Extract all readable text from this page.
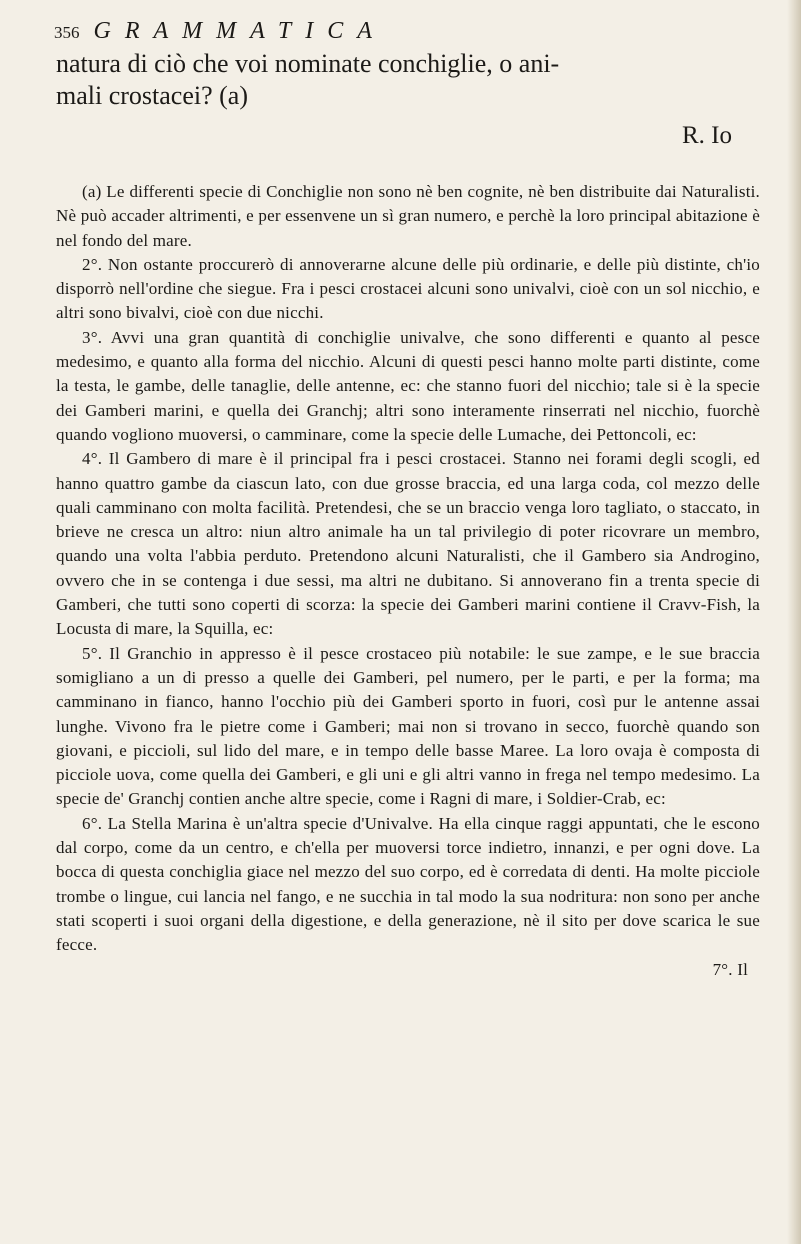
356 GRAMMATICA

natura di ciò che voi nominate conchiglie, o ani-

mali crostacei? (a)

R. Io

(a) Le differenti specie di Conchiglie non sono nè ben cognite, nè ben distribuite dai Naturalisti. Nè può accader altrimenti, e per essenvene un sì gran numero, e perchè la loro principal abitazione è nel fondo del mare.

2°. Non ostante proccurerò di annoverarne alcune delle più ordinarie, e delle più distinte, ch'io disporrò nell'ordine che siegue. Fra i pesci crostacei alcuni sono univalvi, cioè con un sol nicchio, e altri sono bivalvi, cioè con due nicchi.

3°. Avvi una gran quantità di conchiglie univalve, che sono differenti e quanto al pesce medesimo, e quanto alla forma del nicchio. Alcuni di questi pesci hanno molte parti distinte, come la testa, le gambe, delle tanaglie, delle antenne, ec: che stanno fuori del nicchio; tale si è la specie dei Gamberi marini, e quella dei Granchj; altri sono interamente rinserrati nel nicchio, fuorchè quando vogliono muoversi, o camminare, come la specie delle Lumache, dei Pettoncoli, ec:

4°. Il Gambero di mare è il principal fra i pesci crostacei. Stanno nei forami degli scogli, ed hanno quattro gambe da ciascun lato, con due grosse braccia, ed una larga coda, col mezzo delle quali camminano con molta facilità. Pretendesi, che se un braccio venga loro tagliato, o staccato, in brieve ne cresca un altro: niun altro animale ha un tal privilegio di poter ricovrare un membro, quando una volta l'abbia perduto. Pretendono alcuni Naturalisti, che il Gambero sia Androgino, ovvero che in se contenga i due sessi, ma altri ne dubitano. Si annoverano fin a trenta specie di Gamberi, che tutti sono coperti di scorza: la specie dei Gamberi marini contiene il Cravv-Fish, la Locusta di mare, la Squilla, ec:

5°. Il Granchio in appresso è il pesce crostaceo più notabile: le sue zampe, e le sue braccia somigliano a un di presso a quelle dei Gamberi, pel numero, per le parti, e per la forma; ma camminano in fianco, hanno l'occhio più dei Gamberi sporto in fuori, così pur le antenne assai lunghe. Vivono fra le pietre come i Gamberi; mai non si trovano in secco, fuorchè quando son giovani, e piccioli, sul lido del mare, e in tempo delle basse Maree. La loro ovaja è composta di picciole uova, come quella dei Gamberi, e gli uni e gli altri vanno in frega nel tempo medesimo. La specie de' Granchj contien anche altre specie, come i Ragni di mare, i Soldier-Crab, ec:

6°. La Stella Marina è un'altra specie d'Univalve. Ha ella cinque raggi appuntati, che le escono dal corpo, come da un centro, e ch'ella per muoversi torce indietro, innanzi, e per ogni dove. La bocca di questa conchiglia giace nel mezzo del suo corpo, ed è corredata di denti. Ha molte picciole trombe o lingue, cui lancia nel fango, e ne succhia in tal modo la sua nodritura: non sono per anche stati scoperti i suoi organi della digestione, e della generazione, nè il sito per dove scarica le sue fecce.

7°. Il
